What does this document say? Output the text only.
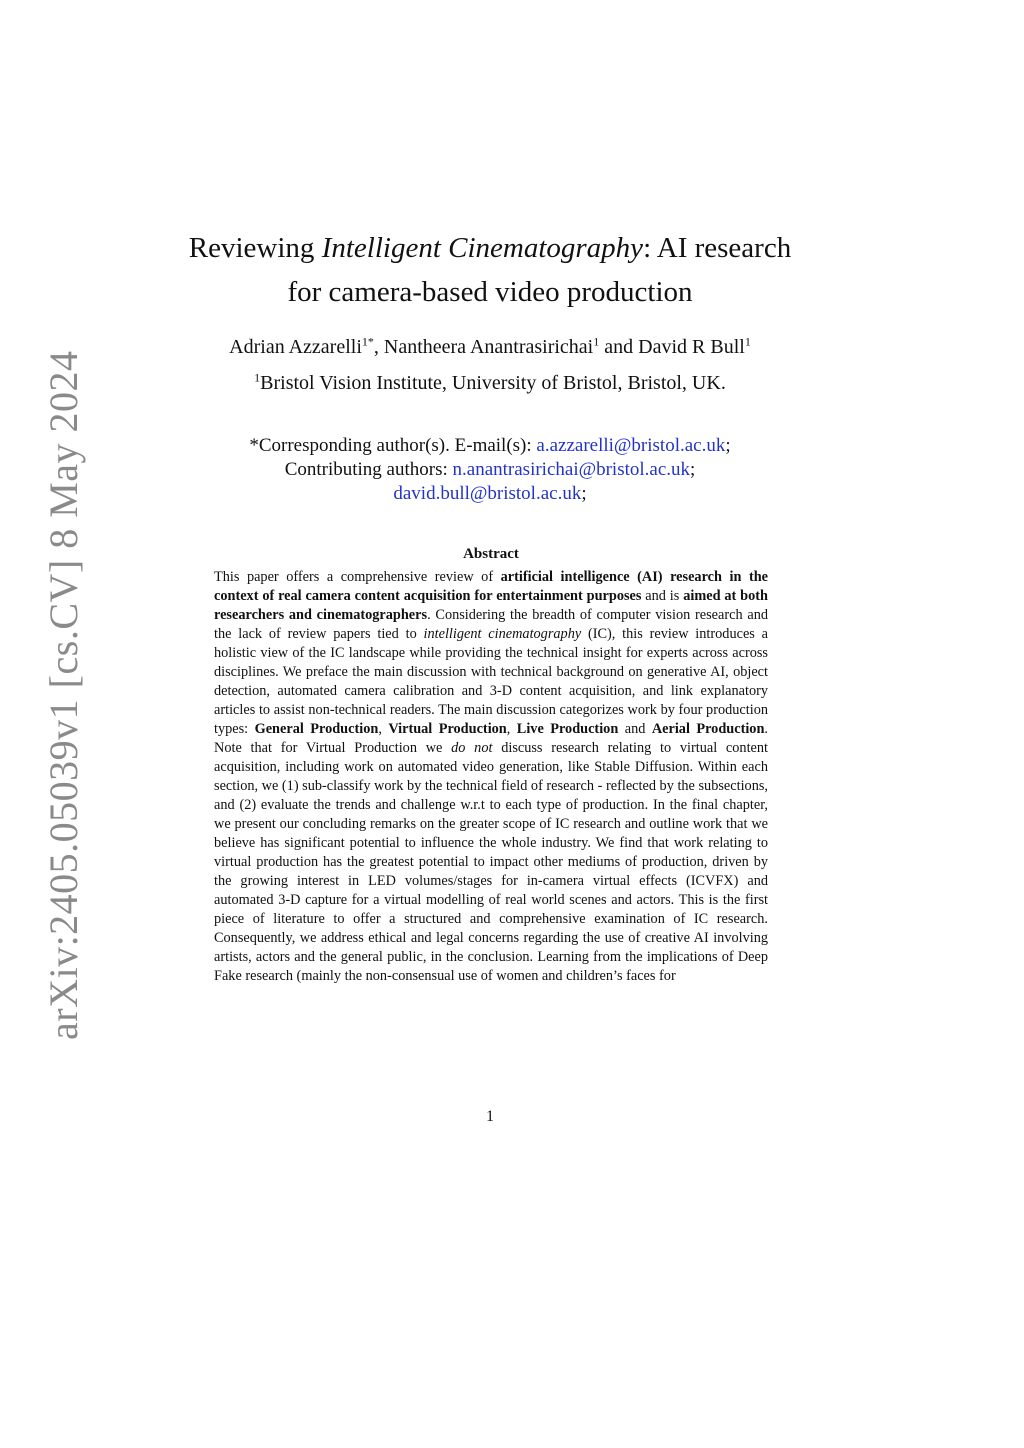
arXiv:2405.05039v1 [cs.CV] 8 May 2024
Reviewing Intelligent Cinematography: AI research for camera-based video production
Adrian Azzarelli$^{1*}$, Nantheera Anantrasirichai$^1$ and David R Bull$^1$
$^1$Bristol Vision Institute, University of Bristol, Bristol, UK.
*Corresponding author(s). E-mail(s): a.azzarelli@bristol.ac.uk;
Contributing authors: n.anantrasirichai@bristol.ac.uk;
david.bull@bristol.ac.uk;
Abstract
This paper offers a comprehensive review of artificial intelligence (AI) research in the context of real camera content acquisition for entertainment purposes and is aimed at both researchers and cinematographers. Considering the breadth of computer vision research and the lack of review papers tied to intelligent cinematography (IC), this review introduces a holistic view of the IC landscape while providing the technical insight for experts across across disciplines. We preface the main discussion with technical background on generative AI, object detection, automated camera calibration and 3-D content acquisition, and link explanatory articles to assist non-technical readers. The main discussion categorizes work by four production types: General Production, Virtual Production, Live Production and Aerial Production. Note that for Virtual Production we do not discuss research relating to virtual content acquisition, including work on automated video generation, like Stable Diffusion. Within each section, we (1) sub-classify work by the technical field of research - reflected by the subsections, and (2) evaluate the trends and challenge w.r.t to each type of production. In the final chapter, we present our concluding remarks on the greater scope of IC research and outline work that we believe has significant potential to influence the whole industry. We find that work relating to virtual production has the greatest potential to impact other mediums of production, driven by the growing interest in LED volumes/stages for in-camera virtual effects (ICVFX) and automated 3-D capture for a virtual modelling of real world scenes and actors. This is the first piece of literature to offer a structured and comprehensive examination of IC research. Consequently, we address ethical and legal concerns regarding the use of creative AI involving artists, actors and the general public, in the conclusion. Learning from the implications of Deep Fake research (mainly the non-consensual use of women and children’s faces for
1
